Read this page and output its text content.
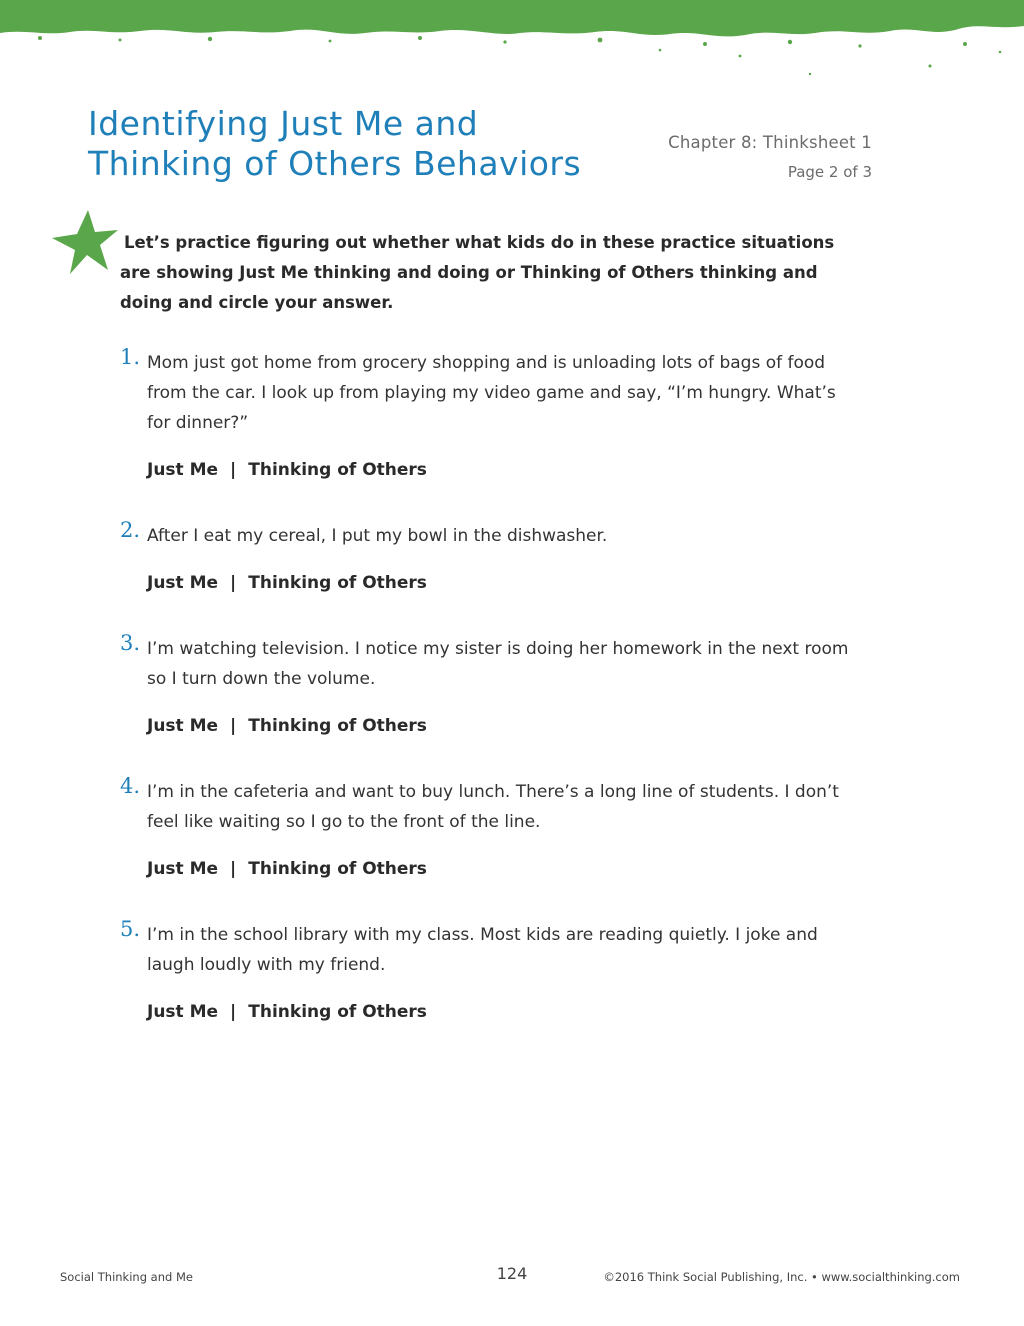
Identifying Just Me and Thinking of Others Behaviors
Chapter 8: Thinksheet 1
Page 2 of 3
Let’s practice figuring out whether what kids do in these practice situations are showing Just Me thinking and doing or Thinking of Others thinking and doing and circle your answer.
1. Mom just got home from grocery shopping and is unloading lots of bags of food from the car. I look up from playing my video game and say, “I’m hungry. What’s for dinner?”
Just Me | Thinking of Others
2. After I eat my cereal, I put my bowl in the dishwasher.
Just Me | Thinking of Others
3. I’m watching television. I notice my sister is doing her homework in the next room so I turn down the volume.
Just Me | Thinking of Others
4. I’m in the cafeteria and want to buy lunch. There’s a long line of students. I don’t feel like waiting so I go to the front of the line.
Just Me | Thinking of Others
5. I’m in the school library with my class. Most kids are reading quietly. I joke and laugh loudly with my friend.
Just Me | Thinking of Others
Social Thinking and Me	124	©2016 Think Social Publishing, Inc. • www.socialthinking.com
